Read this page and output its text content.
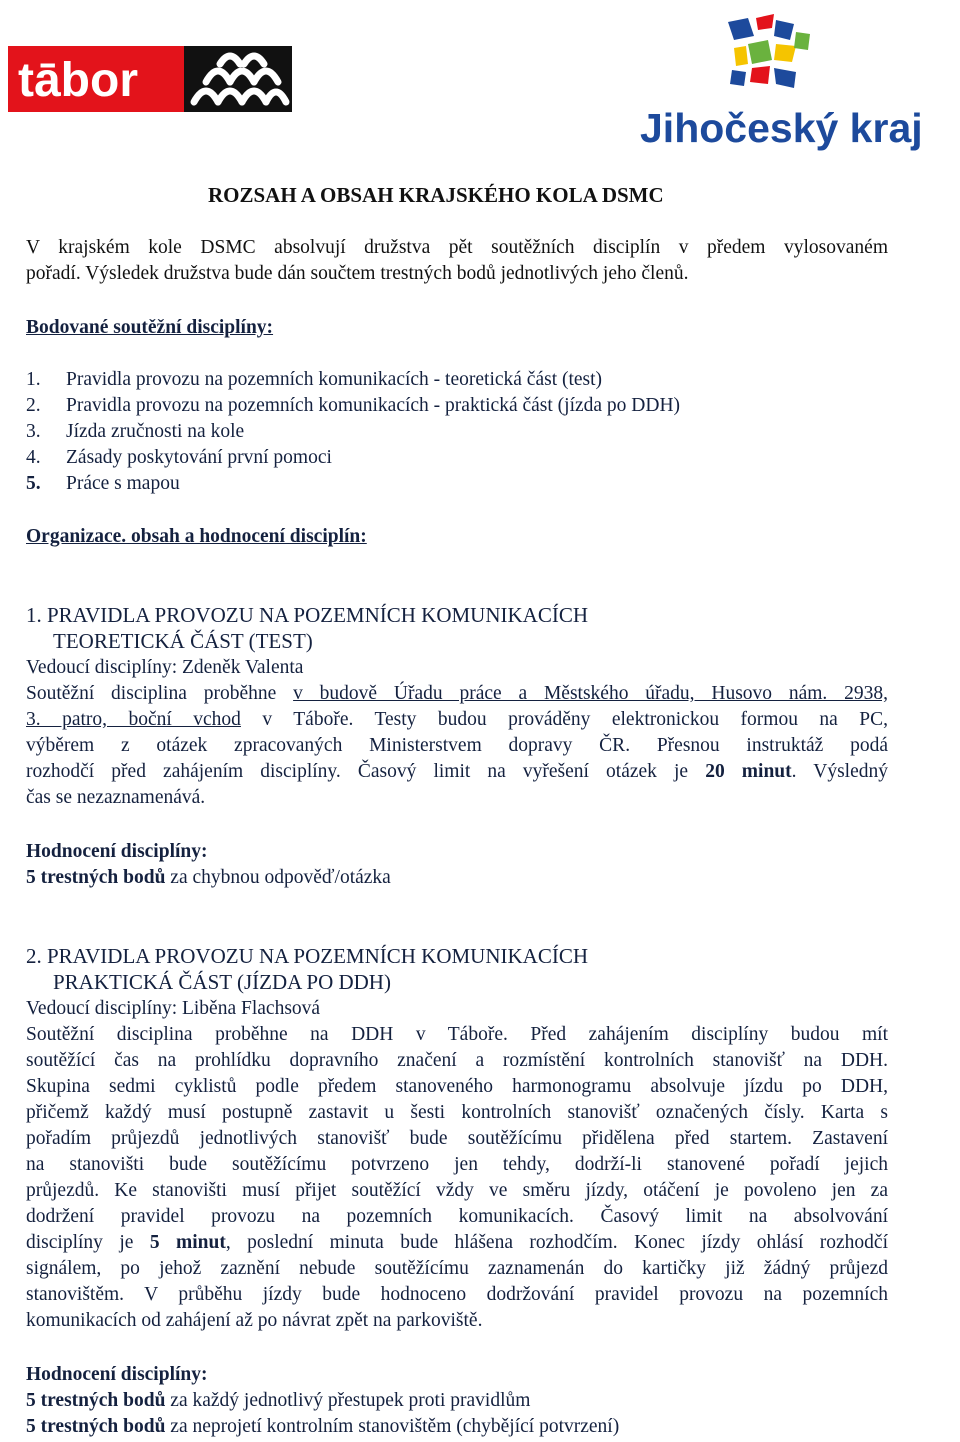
tābor
Jihočeský kraj
ROZSAH A OBSAH KRAJSKÉHO KOLA DSMC
V krajském kole DSMC absolvují družstva pět soutěžních disciplín v předem vylosovaném
pořadí. Výsledek družstva bude dán součtem trestných bodů jednotlivých jeho členů.
Bodované soutěžní disciplíny:
1. Pravidla provozu na pozemních komunikacích - teoretická část (test)
2. Pravidla provozu na pozemních komunikacích - praktická část (jízda po DDH)
3. Jízda zručnosti na kole
4. Zásady poskytování první pomoci
5. Práce s mapou
Organizace. obsah a hodnocení disciplín:
1. PRAVIDLA PROVOZU NA POZEMNÍCH KOMUNIKACÍCH
TEORETICKÁ ČÁST (TEST)
Vedoucí disciplíny: Zdeněk Valenta
Soutěžní disciplina proběhne v budově Úřadu práce a Městského úřadu, Husovo nám. 2938,
3. patro, boční vchod v Táboře. Testy budou prováděny elektronickou formou na PC,
výběrem z otázek zpracovaných Ministerstvem dopravy ČR. Přesnou instruktáž podá
rozhodčí před zahájením disciplíny. Časový limit na vyřešení otázek je 20 minut. Výsledný
čas se nezaznamenává.
Hodnocení disciplíny:
5 trestných bodů za chybnou odpověď/otázka
2. PRAVIDLA PROVOZU NA POZEMNÍCH KOMUNIKACÍCH
PRAKTICKÁ ČÁST (JÍZDA PO DDH)
Vedoucí disciplíny: Liběna Flachsová
Soutěžní disciplina proběhne na DDH v Táboře. Před zahájením disciplíny budou mít
soutěžící čas na prohlídku dopravního značení a rozmístění kontrolních stanovišť na DDH.
Skupina sedmi cyklistů podle předem stanoveného harmonogramu absolvuje jízdu po DDH,
přičemž každý musí postupně zastavit u šesti kontrolních stanovišť označených čísly. Karta s
pořadím průjezdů jednotlivých stanovišť bude soutěžícímu přidělena před startem. Zastavení
na stanovišti bude soutěžícímu potvrzeno jen tehdy, dodrží-li stanovené pořadí jejich
průjezdů. Ke stanovišti musí přijet soutěžící vždy ve směru jízdy, otáčení je povoleno jen za
dodržení pravidel provozu na pozemních komunikacích. Časový limit na absolvování
disciplíny je 5 minut, poslední minuta bude hlášena rozhodčím. Konec jízdy ohlásí rozhodčí
signálem, po jehož zaznění nebude soutěžícímu zaznamenán do kartičky již žádný průjezd
stanovištěm. V průběhu jízdy bude hodnoceno dodržování pravidel provozu na pozemních
komunikacích od zahájení až po návrat zpět na parkoviště.
Hodnocení disciplíny:
5 trestných bodů za každý jednotlivý přestupek proti pravidlům
5 trestných bodů za neprojetí kontrolním stanovištěm (chybějící potvrzení)
